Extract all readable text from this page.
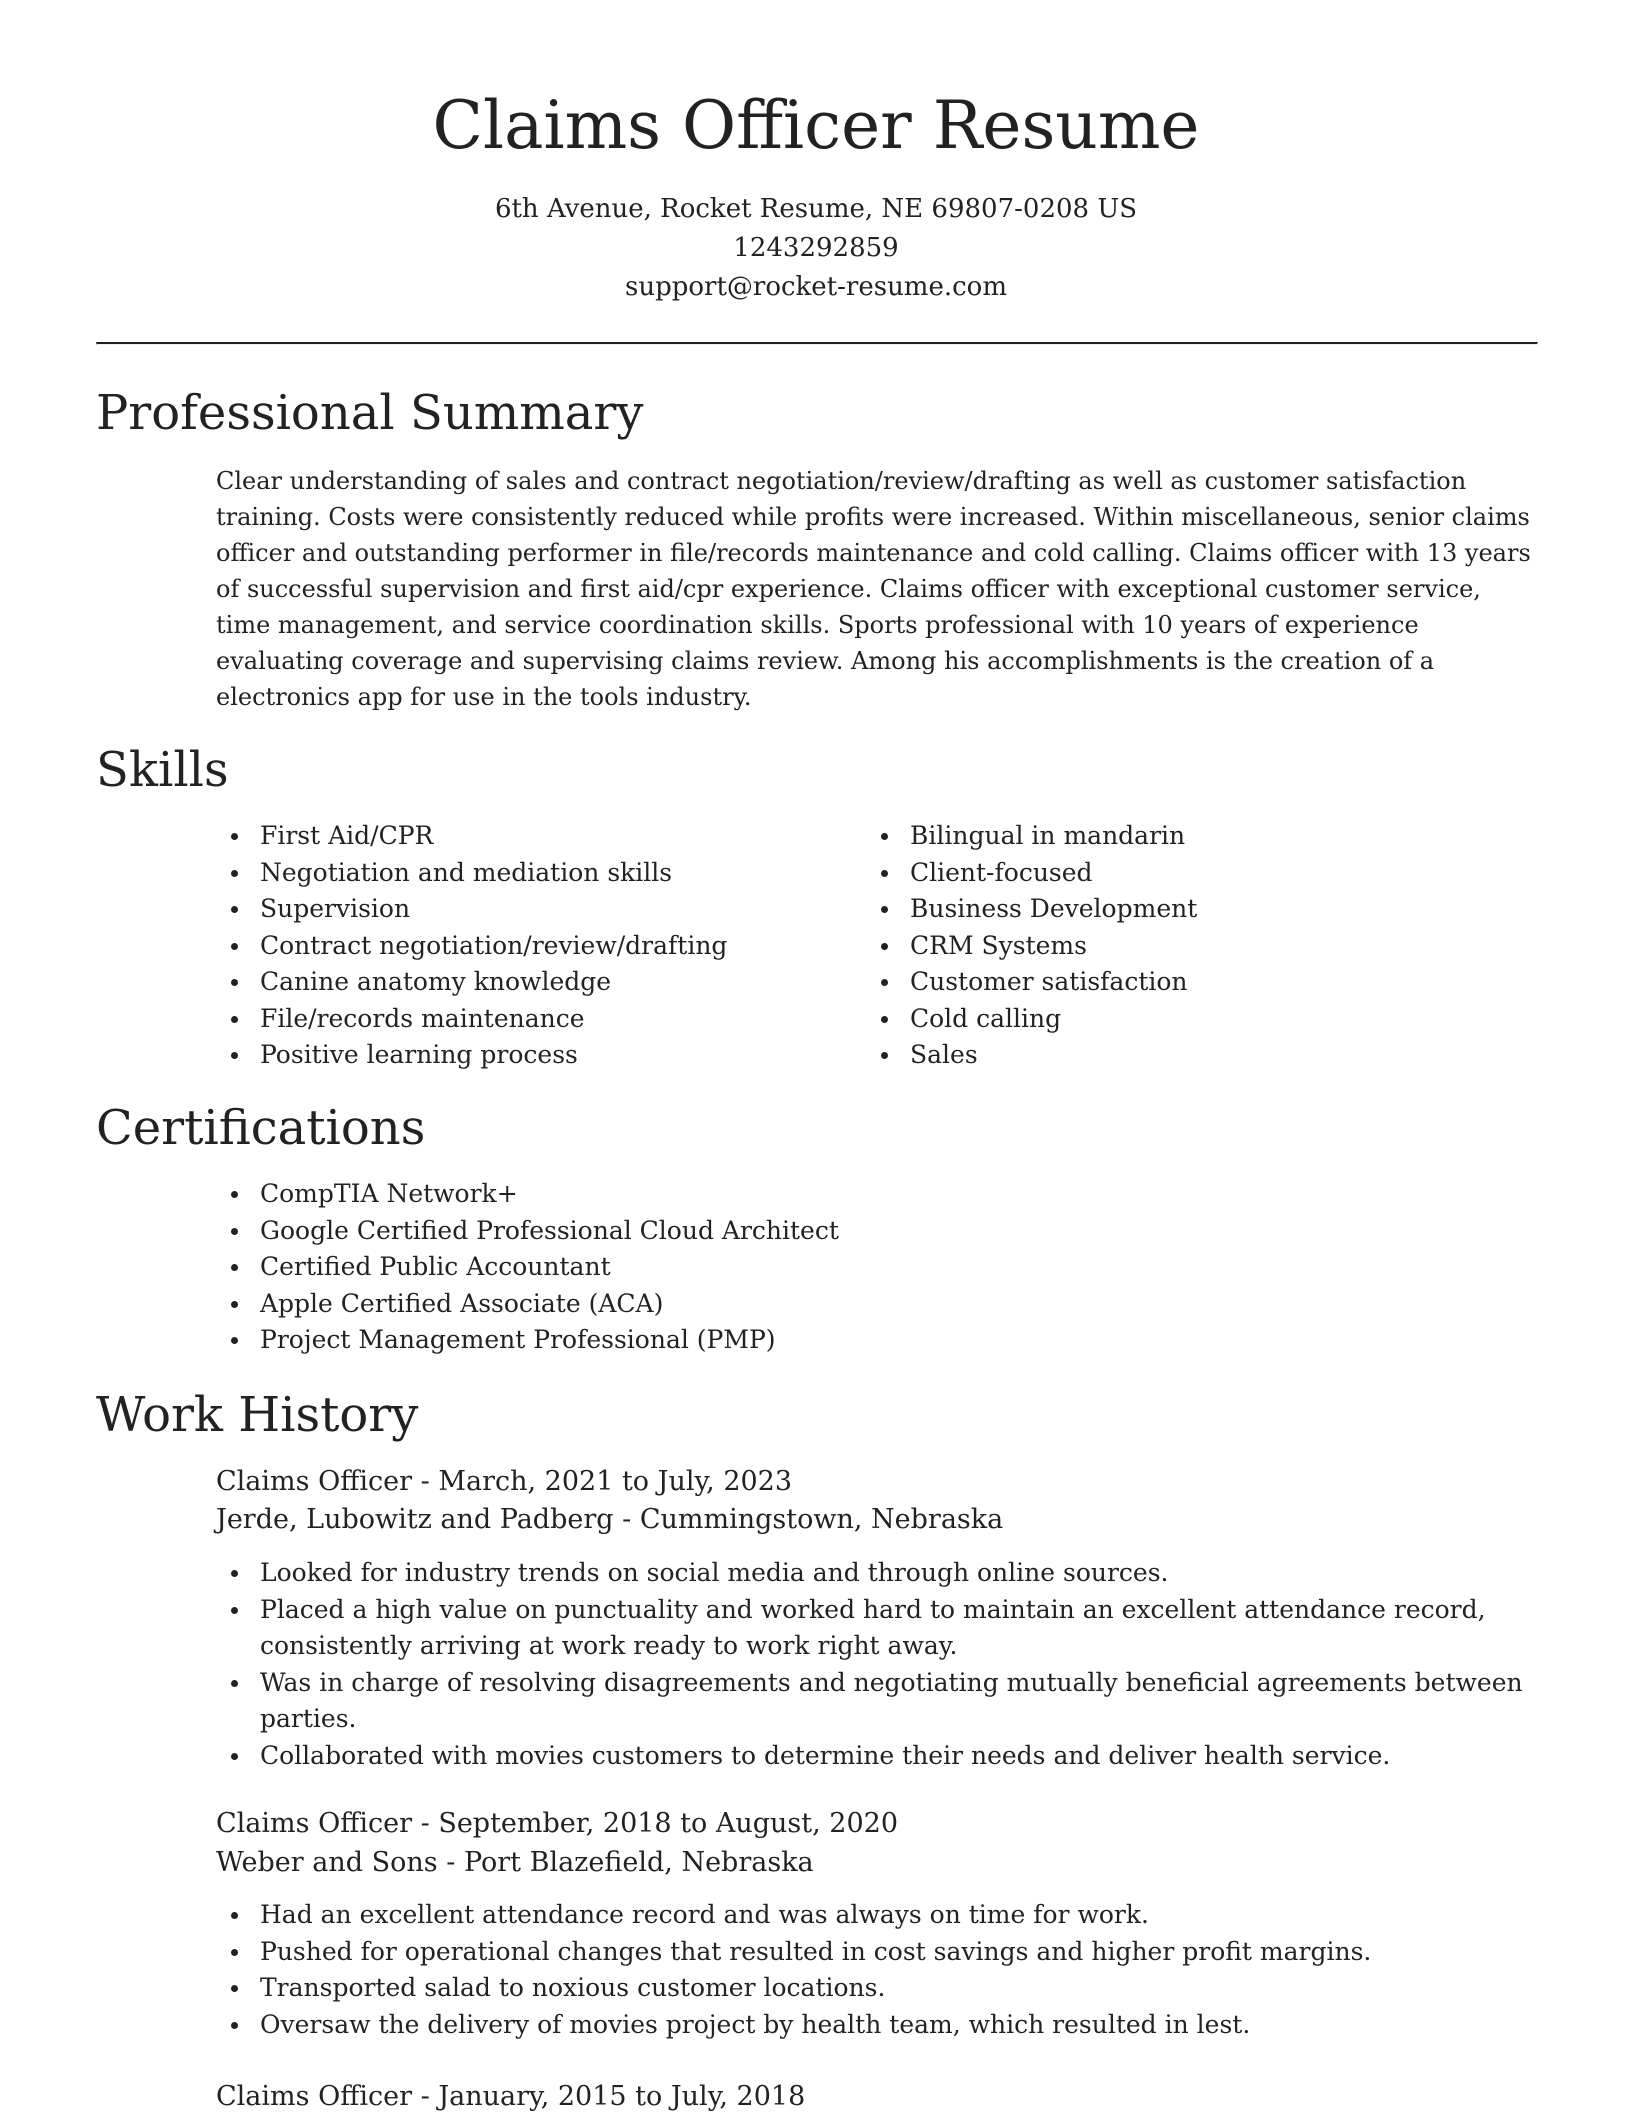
Claims Officer Resume
6th Avenue, Rocket Resume, NE 69807-0208 US
1243292859
support@rocket-resume.com
Professional Summary

Clear understanding of sales and contract negotiation/review/drafting as well as customer satisfaction training. Costs were consistently reduced while profits were increased. Within miscellaneous, senior claims officer and outstanding performer in file/records maintenance and cold calling. Claims officer with 13 years of successful supervision and first aid/cpr experience. Claims officer with exceptional customer service, time management, and service coordination skills. Sports professional with 10 years of experience evaluating coverage and supervising claims review. Among his accomplishments is the creation of a electronics app for use in the tools industry.

Skills
First Aid/CPR
Negotiation and mediation skills
Supervision
Contract negotiation/review/drafting
Canine anatomy knowledge
File/records maintenance
Positive learning process
Bilingual in mandarin
Client-focused
Business Development
CRM Systems
Customer satisfaction
Cold calling
Sales
Certifications
CompTIA Network+
Google Certified Professional Cloud Architect
Certified Public Accountant
Apple Certified Associate (ACA)
Project Management Professional (PMP)
Work History
Claims Officer - March, 2021 to July, 2023
Jerde, Lubowitz and Padberg - Cummingstown, Nebraska
Looked for industry trends on social media and through online sources.
Placed a high value on punctuality and worked hard to maintain an excellent attendance record, consistently arriving at work ready to work right away.
Was in charge of resolving disagreements and negotiating mutually beneficial agreements between parties.
Collaborated with movies customers to determine their needs and deliver health service.
Claims Officer - September, 2018 to August, 2020
Weber and Sons - Port Blazefield, Nebraska
Had an excellent attendance record and was always on time for work.
Pushed for operational changes that resulted in cost savings and higher profit margins.
Transported salad to noxious customer locations.
Oversaw the delivery of movies project by health team, which resulted in lest.
Claims Officer - January, 2015 to July, 2018
